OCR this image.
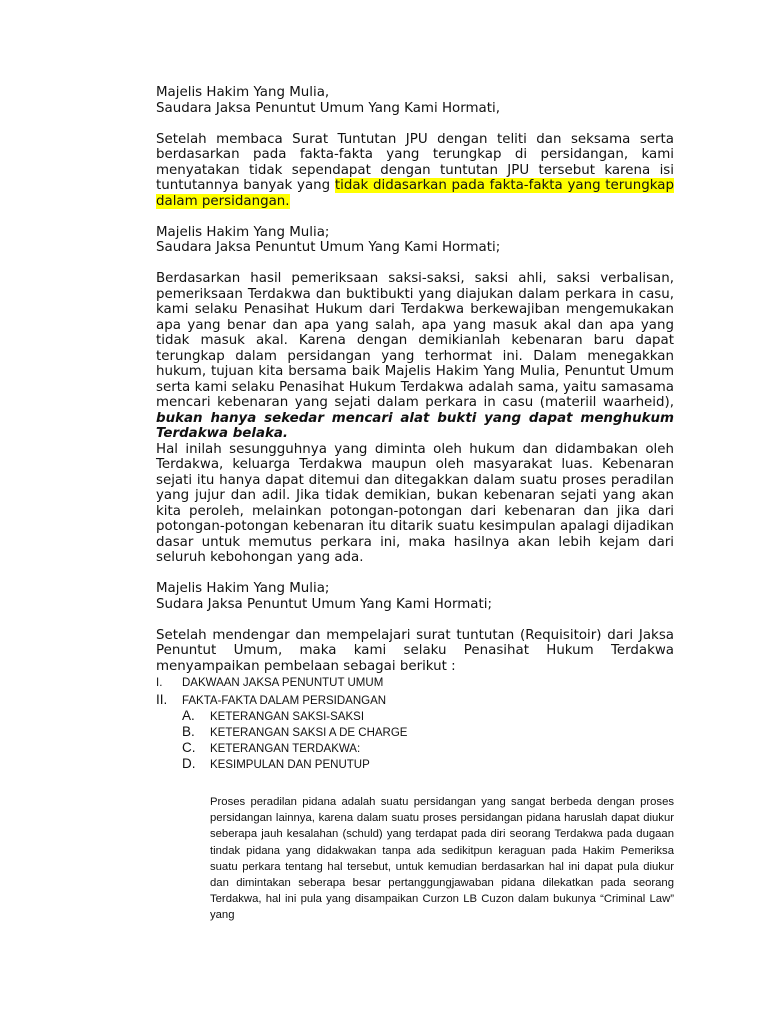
Majelis Hakim Yang Mulia,

Saudara Jaksa Penuntut Umum Yang Kami Hormati,

Setelah membaca Surat Tuntutan JPU dengan teliti dan seksama serta berdasarkan pada fakta-fakta yang terungkap di persidangan, kami menyatakan tidak sependapat dengan tuntutan JPU tersebut karena isi tuntutannya banyak yang tidak didasarkan pada fakta-fakta yang terungkap dalam persidangan.

Majelis Hakim Yang Mulia;

Saudara Jaksa Penuntut Umum Yang Kami Hormati;

Berdasarkan hasil pemeriksaan saksi-saksi, saksi ahli, saksi verbalisan, pemeriksaan Terdakwa dan buktibukti yang diajukan dalam perkara in casu, kami selaku Penasihat Hukum dari Terdakwa berkewajiban mengemukakan apa yang benar dan apa yang salah, apa yang masuk akal dan apa yang tidak masuk akal. Karena dengan demikianlah kebenaran baru dapat terungkap dalam persidangan yang terhormat ini. Dalam menegakkan hukum, tujuan kita bersama baik Majelis Hakim Yang Mulia, Penuntut Umum serta kami selaku Penasihat Hukum Terdakwa adalah sama, yaitu samasama mencari kebenaran yang sejati dalam perkara in casu (materiil waarheid), bukan hanya sekedar mencari alat bukti yang dapat menghukum Terdakwa belaka.

Hal inilah sesungguhnya yang diminta oleh hukum dan didambakan oleh Terdakwa, keluarga Terdakwa maupun oleh masyarakat luas. Kebenaran sejati itu hanya dapat ditemui dan ditegakkan dalam suatu proses peradilan yang jujur dan adil. Jika tidak demikian, bukan kebenaran sejati yang akan kita peroleh, melainkan potongan-potongan dari kebenaran dan jika dari potongan-potongan kebenaran itu ditarik suatu kesimpulan apalagi dijadikan dasar untuk memutus perkara ini, maka hasilnya akan lebih kejam dari seluruh kebohongan yang ada.

Majelis Hakim Yang Mulia;

Sudara Jaksa Penuntut Umum Yang Kami Hormati;

Setelah mendengar dan mempelajari surat tuntutan (Requisitoir) dari Jaksa Penuntut Umum, maka kami selaku Penasihat Hukum Terdakwa menyampaikan pembelaan sebagai berikut :

I.	DAKWAAN JAKSA PENUNTUT UMUM
II.	FAKTA-FAKTA DALAM PERSIDANGAN
A.	KETERANGAN SAKSI-SAKSI
B.	KETERANGAN SAKSI A DE CHARGE
C.	KETERANGAN TERDAKWA:
D.	KESIMPULAN DAN PENUTUP

Proses peradilan pidana adalah suatu persidangan yang sangat berbeda dengan proses persidangan lainnya, karena dalam suatu proses persidangan pidana haruslah dapat diukur seberapa jauh kesalahan (schuld) yang terdapat pada diri seorang Terdakwa pada dugaan tindak pidana yang didakwakan tanpa ada sedikitpun keraguan pada Hakim Pemeriksa suatu perkara tentang hal tersebut, untuk kemudian berdasarkan hal ini dapat pula diukur dan dimintakan seberapa besar pertanggungjawaban pidana dilekatkan pada seorang Terdakwa, hal ini pula yang disampaikan Curzon LB Cuzon dalam bukunya “Criminal Law” yang
